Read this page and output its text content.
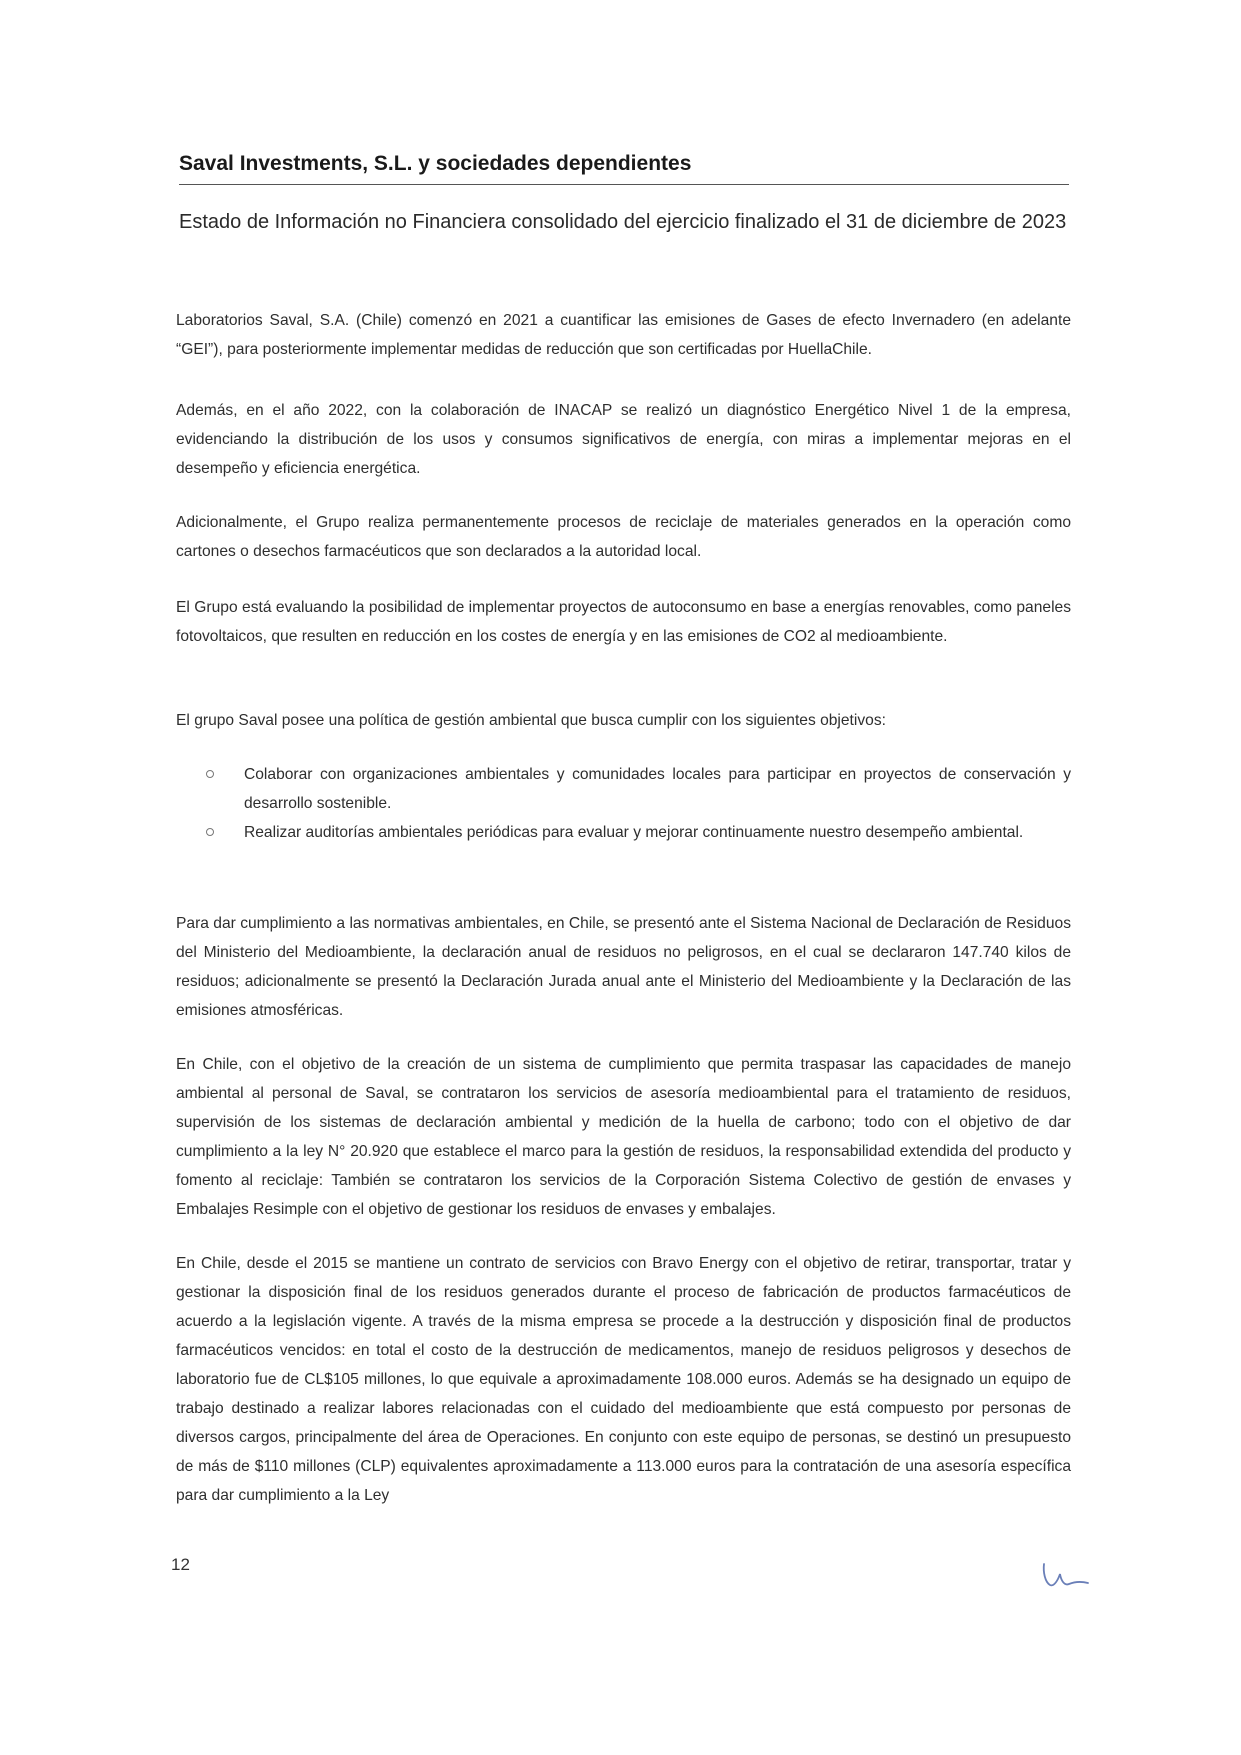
Saval Investments, S.L. y sociedades dependientes
Estado de Información no Financiera consolidado del ejercicio finalizado el 31 de diciembre de 2023

Laboratorios Saval, S.A. (Chile) comenzó en 2021 a cuantificar las emisiones de Gases de efecto Invernadero (en adelante “GEI”), para posteriormente implementar medidas de reducción que son certificadas por HuellaChile.

Además, en el año 2022, con la colaboración de INACAP se realizó un diagnóstico Energético Nivel 1 de la empresa, evidenciando la distribución de los usos y consumos significativos de energía, con miras a implementar mejoras en el desempeño y eficiencia energética.

Adicionalmente, el Grupo realiza permanentemente procesos de reciclaje de materiales generados en la operación como cartones o desechos farmacéuticos que son declarados a la autoridad local.

El Grupo está evaluando la posibilidad de implementar proyectos de autoconsumo en base a energías renovables, como paneles fotovoltaicos, que resulten en reducción en los costes de energía y en las emisiones de CO2 al medioambiente.

El grupo Saval posee una política de gestión ambiental que busca cumplir con los siguientes objetivos:

Colaborar con organizaciones ambientales y comunidades locales para participar en proyectos de conservación y desarrollo sostenible.
Realizar auditorías ambientales periódicas para evaluar y mejorar continuamente nuestro desempeño ambiental.

Para dar cumplimiento a las normativas ambientales, en Chile, se presentó ante el Sistema Nacional de Declaración de Residuos del Ministerio del Medioambiente, la declaración anual de residuos no peligrosos, en el cual se declararon 147.740 kilos de residuos; adicionalmente se presentó la Declaración Jurada anual ante el Ministerio del Medioambiente y la Declaración de las emisiones atmosféricas.

En Chile, con el objetivo de la creación de un sistema de cumplimiento que permita traspasar las capacidades de manejo ambiental al personal de Saval, se contrataron los servicios de asesoría medioambiental para el tratamiento de residuos, supervisión de los sistemas de declaración ambiental y medición de la huella de carbono; todo con el objetivo de dar cumplimiento a la ley N° 20.920 que establece el marco para la gestión de residuos, la responsabilidad extendida del producto y fomento al reciclaje: También se contrataron los servicios de la Corporación Sistema Colectivo de gestión de envases y Embalajes Resimple con el objetivo de gestionar los residuos de envases y embalajes.

En Chile, desde el 2015 se mantiene un contrato de servicios con Bravo Energy con el objetivo de retirar, transportar, tratar y gestionar la disposición final de los residuos generados durante el proceso de fabricación de productos farmacéuticos de acuerdo a la legislación vigente. A través de la misma empresa se procede a la destrucción y disposición final de productos farmacéuticos vencidos: en total el costo de la destrucción de medicamentos, manejo de residuos peligrosos y desechos de laboratorio fue de CL$105 millones, lo que equivale a aproximadamente 108.000 euros. Además se ha designado un equipo de trabajo destinado a realizar labores relacionadas con el cuidado del medioambiente que está compuesto por personas de diversos cargos, principalmente del área de Operaciones. En conjunto con este equipo de personas, se destinó un presupuesto de más de $110 millones (CLP) equivalentes aproximadamente a 113.000 euros para la contratación de una asesoría específica para dar cumplimiento a la Ley

12
